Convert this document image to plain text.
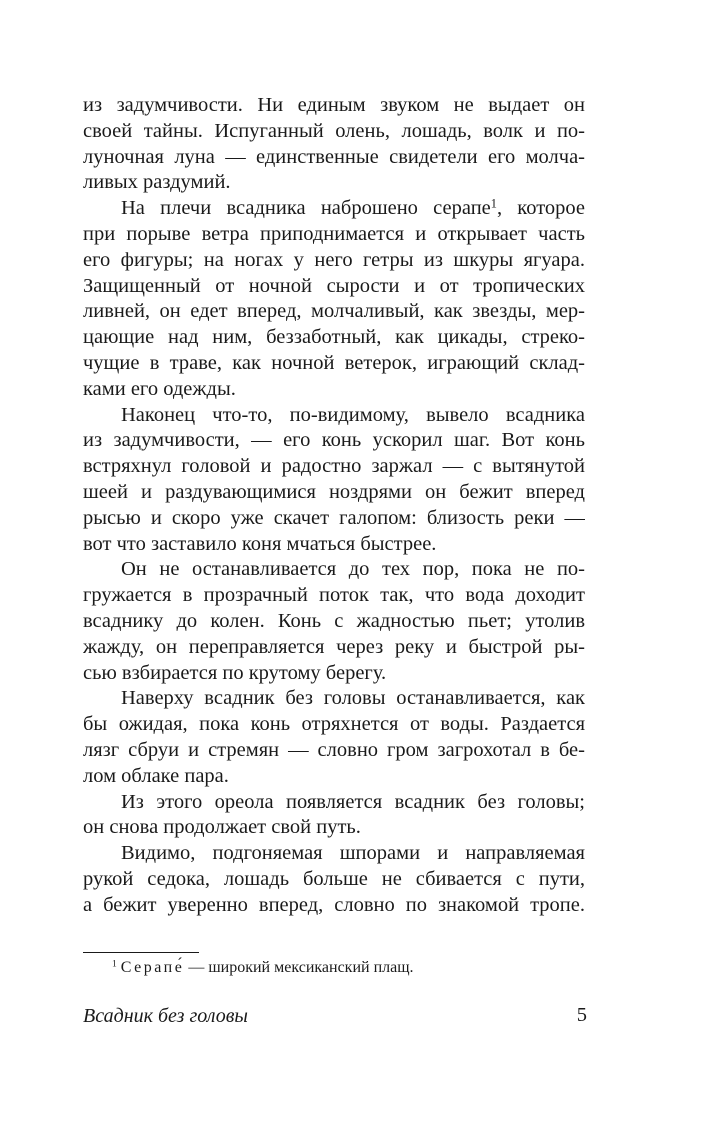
из задумчивости. Ни единым звуком не выдает он
своей тайны. Испуганный олень, лошадь, волк и по-
луночная луна — единственные свидетели его молча-
ливых раздумий.
На плечи всадника наброшено серапе$^1$, которое
при порыве ветра приподнимается и открывает часть
его фигуры; на ногах у него гетры из шкуры ягуара.
Защищенный от ночной сырости и от тропических
ливней, он едет вперед, молчаливый, как звезды, мер-
цающие над ним, беззаботный, как цикады, стреко-
чущие в траве, как ночной ветерок, играющий склад-
ками его одежды.
Наконец что-то, по-видимому, вывело всадника
из задумчивости, — его конь ускорил шаг. Вот конь
встряхнул головой и радостно заржал — с вытянутой
шеей и раздувающимися ноздрями он бежит вперед
рысью и скоро уже скачет галопом: близость реки —
вот что заставило коня мчаться быстрее.
Он не останавливается до тех пор, пока не по-
гружается в прозрачный поток так, что вода доходит
всаднику до колен. Конь с жадностью пьет; утолив
жажду, он переправляется через реку и быстрой ры-
сью взбирается по крутому берегу.
Наверху всадник без головы останавливается, как
бы ожидая, пока конь отряхнется от воды. Раздается
лязг сбруи и стремян — словно гром загрохотал в бе-
лом облаке пара.
Из этого ореола появляется всадник без головы;
он снова продолжает свой путь.
Видимо, подгоняемая шпорами и направляемая
рукой седока, лошадь больше не сбивается с пути,
а бежит уверенно вперед, словно по знакомой тропе.
$^1$ Серапе́ — широкий мексиканский плащ.
Всадник без головы	5
